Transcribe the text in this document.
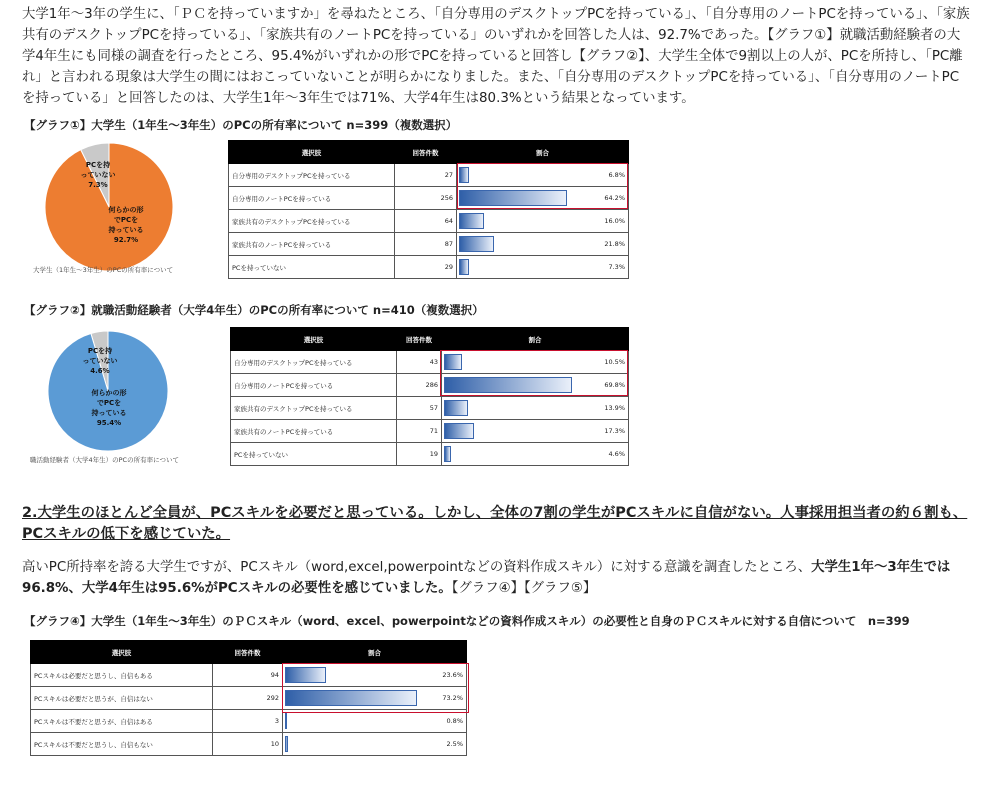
大学1年〜3年の学生に、「ＰＣを持っていますか」を尋ねたところ、「自分専用のデスクトップPCを持っている」、「自分専用のノートPCを持っている」、「家族共有のデスクトップPCを持っている」、「家族共有のノートPCを持っている」のいずれかを回答した人は、92.7%であった。【グラフ①】就職活動経験者の大学4年生にも同様の調査を行ったところ、95.4%がいずれかの形でPCを持っていると回答し【グラフ②】、大学生全体で9割以上の人が、PCを所持し、「PC離れ」と言われる現象は大学生の間にはおこっていないことが明らかになりました。また、「自分専用のデスクトップPCを持っている」、「自分専用のノートPCを持っている」と回答したのは、大学生1年〜3年生では71%、大学4年生は80.3%という結果となっています。

【グラフ①】大学生（1年生〜3年生）のPCの所有率について n=399（複数選択）
PCを持
っていない
7.3%
何らかの形
でPCを
持っている
92.7%
大学生（1年生〜3年生）のPCの所有率について
選択肢	回答件数	割合
自分専用のデスクトップPCを持っている	27	6.8%

自分専用のノートPCを持っている	256	64.2%

家族共有のデスクトップPCを持っている	64	16.0%

家族共有のノートPCを持っている	87	21.8%

PCを持っていない	29	7.3%
【グラフ②】就職活動経験者（大学4年生）のPCの所有率について n=410（複数選択）
PCを持
っていない
4.6%
何らかの形
でPCを
持っている
95.4%
職活動経験者（大学4年生）のPCの所有率について
選択肢	回答件数	割合
自分専用のデスクトップPCを持っている	43	10.5%

自分専用のノートPCを持っている	286	69.8%

家族共有のデスクトップPCを持っている	57	13.9%

家族共有のノートPCを持っている	71	17.3%

PCを持っていない	19	4.6%
2.大学生のほとんど全員が、PCスキルを必要だと思っている。しかし、全体の7割の学生がPCスキルに自信がない。人事採用担当者の約６割も、PCスキルの低下を感じていた。

高いPC所持率を誇る大学生ですが、PCスキル（word,excel,powerpointなどの資料作成スキル）に対する意識を調査したところ、大学生1年〜3年生では96.8%、大学4年生は95.6%がPCスキルの必要性を感じていました。【グラフ④】【グラフ⑤】

【グラフ④】大学生（1年生〜3年生）のＰＣスキル（word、excel、powerpointなどの資料作成スキル）の必要性と自身のＰＣスキルに対する自信について　n=399
選択肢	回答件数	割合
PCスキルは必要だと思うし、自信もある	94	23.6%

PCスキルは必要だと思うが、自信はない	292	73.2%

PCスキルは不要だと思うが、自信はある	3	0.8%

PCスキルは不要だと思うし、自信もない	10	2.5%
